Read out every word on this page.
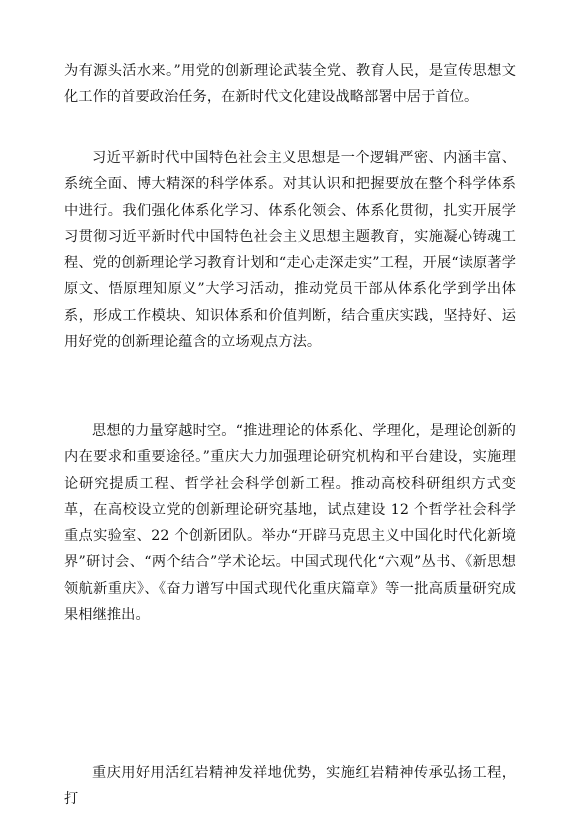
为有源头活水来。”用党的创新理论武装全党、教育人民，是宣传思想文化工作的首要政治任务，在新时代文化建设战略部署中居于首位。

习近平新时代中国特色社会主义思想是一个逻辑严密、内涵丰富、系统全面、博大精深的科学体系。对其认识和把握要放在整个科学体系中进行。我们强化体系化学习、体系化领会、体系化贯彻，扎实开展学习贯彻习近平新时代中国特色社会主义思想主题教育，实施凝心铸魂工程、党的创新理论学习教育计划和“走心走深走实”工程，开展“读原著学原文、悟原理知原义”大学习活动，推动党员干部从体系化学到学出体系，形成工作模块、知识体系和价值判断，结合重庆实践，坚持好、运用好党的创新理论蕴含的立场观点方法。

思想的力量穿越时空。“推进理论的体系化、学理化，是理论创新的内在要求和重要途径。”重庆大力加强理论研究机构和平台建设，实施理论研究提质工程、哲学社会科学创新工程。推动高校科研组织方式变革，在高校设立党的创新理论研究基地，试点建设 12 个哲学社会科学重点实验室、22 个创新团队。举办“开辟马克思主义中国化时代化新境界”研讨会、“两个结合”学术论坛。中国式现代化“六观”丛书、《新思想领航新重庆》、《奋力谱写中国式现代化重庆篇章》等一批高质量研究成果相继推出。

重庆用好用活红岩精神发祥地优势，实施红岩精神传承弘扬工程，打
